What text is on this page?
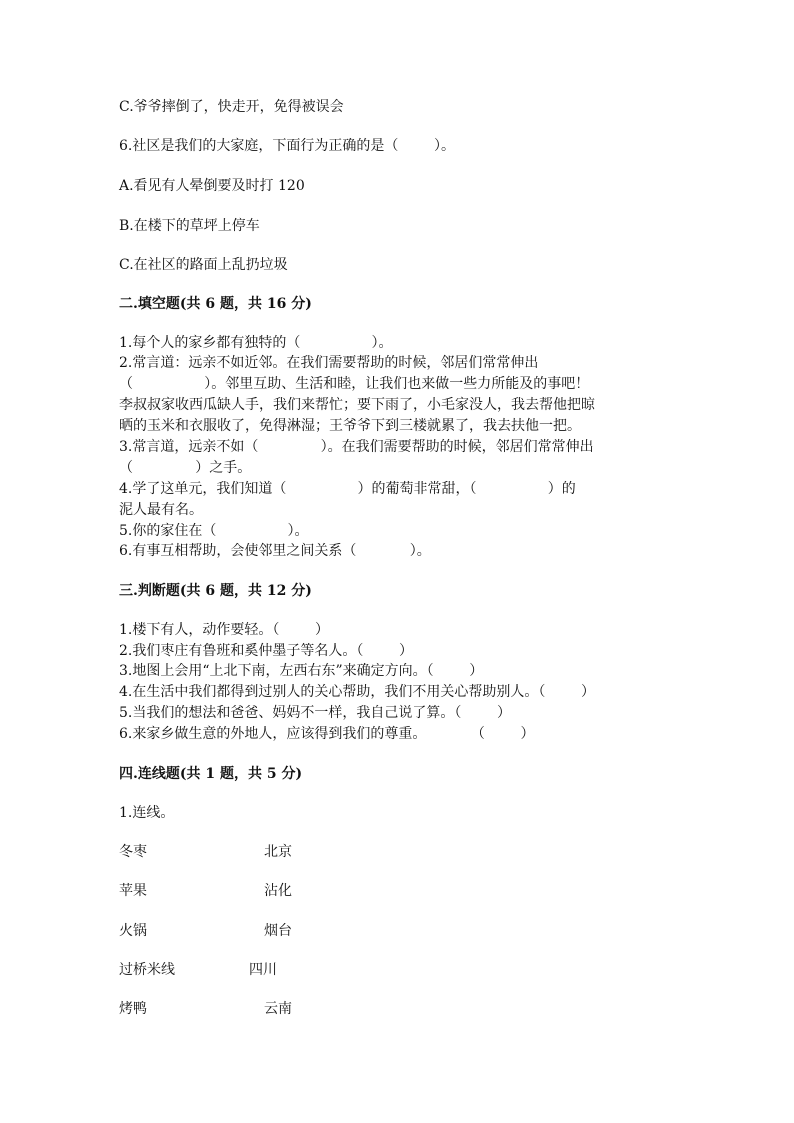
C.爷爷摔倒了，快走开，免得被误会
6.社区是我们的大家庭，下面行为正确的是（        ）。
A.看见有人晕倒要及时打 120
B.在楼下的草坪上停车
C.在社区的路面上乱扔垃圾
二.填空题(共 6 题，共 16 分)
1.每个人的家乡都有独特的（                ）。
2.常言道：远亲不如近邻。在我们需要帮助的时候，邻居们常常伸出
（                ）。邻里互助、生活和睦，让我们也来做一些力所能及的事吧！
李叔叔家收西瓜缺人手，我们来帮忙；要下雨了，小毛家没人，我去帮他把晾
晒的玉米和衣服收了，免得淋湿；王爷爷下到三楼就累了，我去扶他一把。
3.常言道，远亲不如（              ）。在我们需要帮助的时候，邻居们常常伸出
（              ）之手。
4.学了这单元，我们知道（                ）的葡萄非常甜，（                ）的
泥人最有名。
5.你的家住在（                ）。
6.有事互相帮助，会使邻里之间关系（            ）。
三.判断题(共 6 题，共 12 分)
1.楼下有人，动作要轻。（        ）
2.我们枣庄有鲁班和奚仲墨子等名人。（        ）
3.地图上会用“上北下南，左西右东”来确定方向。（        ）
4.在生活中我们都得到过别人的关心帮助，我们不用关心帮助别人。（        ）
5.当我们的想法和爸爸、妈妈不一样，我自己说了算。（        ）
6.来家乡做生意的外地人，应该得到我们的尊重。          （        ）
四.连线题(共 1 题，共 5 分)
1.连线。
冬枣	北京
苹果	沾化
火锅	烟台
过桥米线	四川
烤鸭	云南
